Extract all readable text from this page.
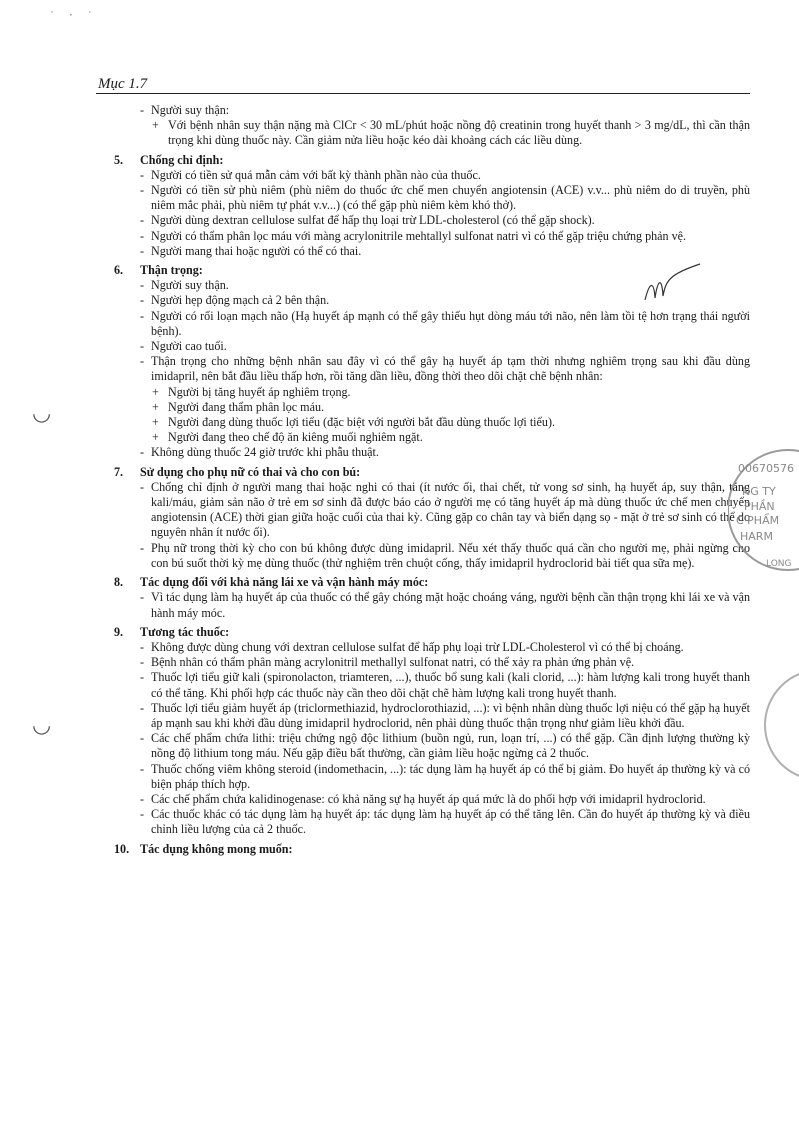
˙ ‧ ˙
Mục 1.7
- Người suy thận:
+ Với bệnh nhân suy thận nặng mà ClCr < 30 mL/phút hoặc nồng độ creatinin trong huyết thanh > 3 mg/dL, thì cần thận trọng khi dùng thuốc này. Cần giảm nửa liều hoặc kéo dài khoảng cách các liều dùng.
5.	Chống chỉ định:
- Người có tiền sử quá mẫn cảm với bất kỳ thành phần nào của thuốc.
- Người có tiền sử phù niêm (phù niêm do thuốc ức chế men chuyển angiotensin (ACE) v.v... phù niêm do di truyền, phù niêm mắc phải, phù niêm tự phát v.v...) (có thể gặp phù niêm kèm khó thở).
- Người dùng dextran cellulose sulfat để hấp thụ loại trừ LDL-cholesterol (có thể gặp shock).
- Người có thẩm phân lọc máu với màng acrylonitrile mehtallyl sulfonat natri vì có thể gặp triệu chứng phản vệ.
- Người mang thai hoặc người có thể có thai.
6.	Thận trọng:
- Người suy thận.
- Người hẹp động mạch cả 2 bên thận.
- Người có rối loạn mạch não (Hạ huyết áp mạnh có thể gây thiếu hụt dòng máu tới não, nên làm tồi tệ hơn trạng thái người bệnh).
- Người cao tuổi.
- Thận trọng cho những bệnh nhân sau đây vì có thể gây hạ huyết áp tạm thời nhưng nghiêm trọng sau khi đầu dùng imidapril, nên bắt đầu liều thấp hơn, rồi tăng dần liều, đồng thời theo dõi chặt chẽ bệnh nhân:
+ Người bị tăng huyết áp nghiêm trọng.
+ Người đang thẩm phân lọc máu.
+ Người đang dùng thuốc lợi tiểu (đặc biệt với người bắt đầu dùng thuốc lợi tiểu).
+ Người đang theo chế độ ăn kiêng muối nghiêm ngặt.
- Không dùng thuốc 24 giờ trước khi phẫu thuật.
7.	Sử dụng cho phụ nữ có thai và cho con bú:
- Chống chỉ định ở người mang thai hoặc nghi có thai (ít nước ối, thai chết, tử vong sơ sinh, hạ huyết áp, suy thận, tăng kali/máu, giảm sản não ở trẻ em sơ sinh đã được báo cáo ở người mẹ có tăng huyết áp mà dùng thuốc ức chế men chuyển angiotensin (ACE) thời gian giữa hoặc cuối của thai kỳ. Cũng gặp co chân tay và biến dạng sọ - mặt ở trẻ sơ sinh có thể do nguyên nhân ít nước ối).
- Phụ nữ trong thời kỳ cho con bú không được dùng imidapril. Nếu xét thấy thuốc quá cần cho người mẹ, phải ngừng cho con bú suốt thời kỳ mẹ dùng thuốc (thử nghiệm trên chuột cống, thấy imidapril hydroclorid bài tiết qua sữa mẹ).
8.	Tác dụng đối với khả năng lái xe và vận hành máy móc:
- Vì tác dụng làm hạ huyết áp của thuốc có thể gây chóng mặt hoặc choáng váng, người bệnh cần thận trọng khi lái xe và vận hành máy móc.
9.	Tương tác thuốc:
- Không được dùng chung với dextran cellulose sulfat để hấp phụ loại trừ LDL-Cholesterol vì có thể bị choáng.
- Bệnh nhân có thẩm phân màng acrylonitril methallyl sulfonat natri, có thể xảy ra phản ứng phản vệ.
- Thuốc lợi tiểu giữ kali (spironolacton, triamteren, ...), thuốc bổ sung kali (kali clorid, ...): hàm lượng kali trong huyết thanh có thể tăng. Khi phối hợp các thuốc này cần theo dõi chặt chẽ hàm lượng kali trong huyết thanh.
- Thuốc lợi tiểu giảm huyết áp (triclormethiazid, hydroclorothiazid, ...): vì bệnh nhân dùng thuốc lợi niệu có thể gặp hạ huyết áp mạnh sau khi khởi đầu dùng imidapril hydroclorid, nên phải dùng thuốc thận trọng như giảm liều khởi đầu.
- Các chế phẩm chứa lithi: triệu chứng ngộ độc lithium (buồn ngủ, run, loạn trí, ...) có thể gặp. Cần định lượng thường kỳ nồng độ lithium tong máu. Nếu gặp điều bất thường, cần giảm liều hoặc ngừng cả 2 thuốc.
- Thuốc chống viêm không steroid (indomethacin, ...): tác dụng làm hạ huyết áp có thể bị giảm. Đo huyết áp thường kỳ và có biện pháp thích hợp.
- Các chế phẩm chứa kalidinogenase: có khả năng sự hạ huyết áp quá mức là do phối hợp với imidapril hydroclorid.
- Các thuốc khác có tác dụng làm hạ huyết áp: tác dụng làm hạ huyết áp có thể tăng lên. Cần đo huyết áp thường kỳ và điều chỉnh liều lượng của cả 2 thuốc.
10. Tác dụng không mong muốn:
00670576
NG TY
PHẦN
C PHẨM
HARM
LONG
◡
◡
